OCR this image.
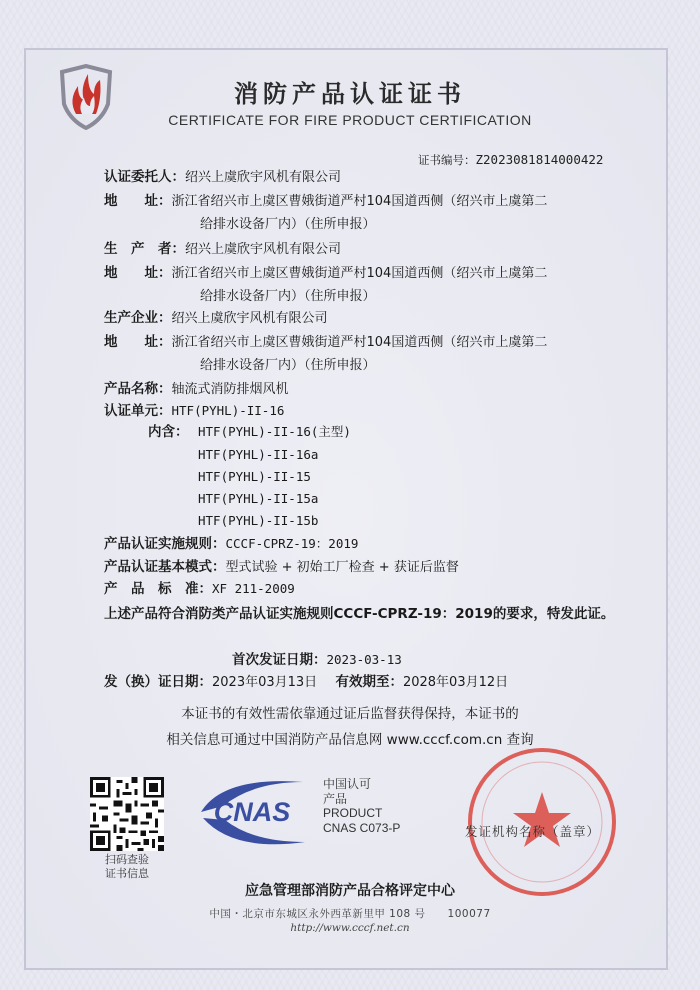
消防产品认证证书
CERTIFICATE FOR FIRE PRODUCT CERTIFICATION
证书编号：Z2023081814000422
认证委托人：绍兴上虞欣宇风机有限公司
地　　址：浙江省绍兴市上虞区曹娥街道严村104国道西侧（绍兴市上虞第二
给排水设备厂内）（住所申报）
生　产　者：绍兴上虞欣宇风机有限公司
地　　址：浙江省绍兴市上虞区曹娥街道严村104国道西侧（绍兴市上虞第二
给排水设备厂内）（住所申报）
生产企业：绍兴上虞欣宇风机有限公司
地　　址：浙江省绍兴市上虞区曹娥街道严村104国道西侧（绍兴市上虞第二
给排水设备厂内）（住所申报）
产品名称：轴流式消防排烟风机
认证单元：HTF(PYHL)-II-16
内含： HTF(PYHL)-II-16(主型)
HTF(PYHL)-II-16a
HTF(PYHL)-II-15
HTF(PYHL)-II-15a
HTF(PYHL)-II-15b
产品认证实施规则：CCCF-CPRZ-19：2019
产品认证基本模式：型式试验 + 初始工厂检查 + 获证后监督
产　品　标　准：XF 211-2009
上述产品符合消防类产品认证实施规则CCCF-CPRZ-19：2019的要求，特发此证。
首次发证日期：2023-03-13
发（换）证日期：2023年03月13日 有效期至：2028年03月12日
本证书的有效性需依靠通过证后监督获得保持，本证书的
相关信息可通过中国消防产品信息网 www.cccf.com.cn 查询
扫码查验
证书信息
CNAS
中国认可
产品
PRODUCT
CNAS C073-P	发证机构名称（盖章）
应急管理部消防产品合格评定中心
中国・北京市东城区永外西革新里甲 108 号　　100077
http://www.cccf.net.cn
